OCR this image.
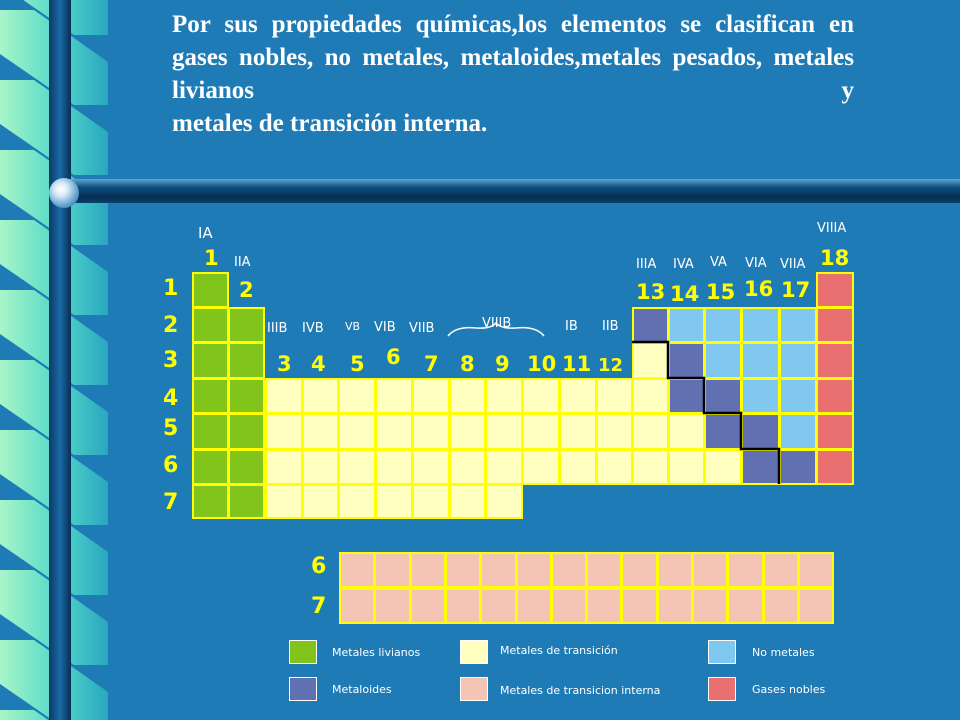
Por sus propiedades químicas,los elementos se clasifican en gases nobles, no metales, metaloides,metales pesados, metales livianos y

metales de transición interna.

IA
IIA
IIIB IVB VB VIB VIIB	VIIIB	IB IIB
IIIA IVA VA VIA VIIA
VIIIA
1
2
3 4 5 6 7 8 9 10 11 12
13 14 15 16 17
18
1
2
3
4
5
6
7
6
7
Metales livianos	Metales de transición	No metales
Metaloides	Metales de transicion interna	Gases nobles
